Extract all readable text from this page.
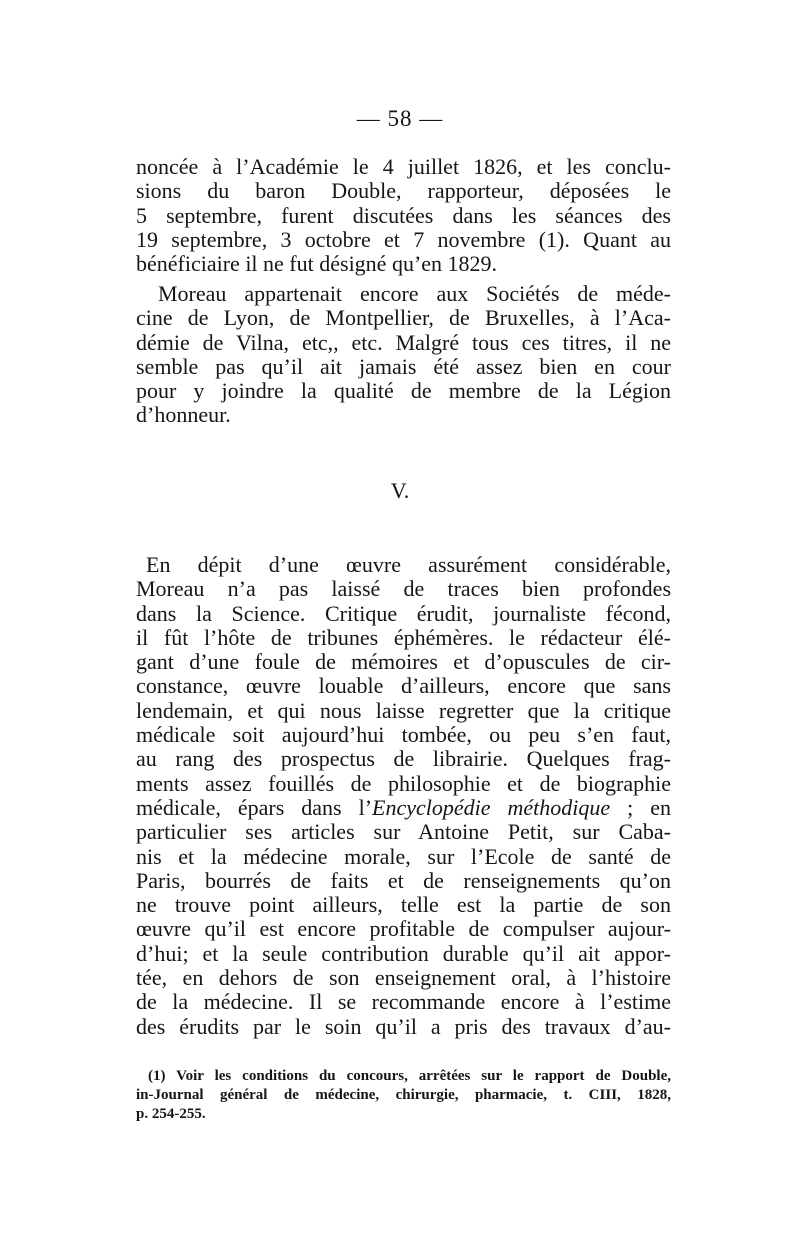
— 58 —
noncée à l’Académie le 4 juillet 1826, et les conclu-
sions du baron Double, rapporteur, déposées le
5 septembre, furent discutées dans les séances des
19 septembre, 3 octobre et 7 novembre (1). Quant au
bénéficiaire il ne fut désigné qu’en 1829.
Moreau appartenait encore aux Sociétés de méde-
cine de Lyon, de Montpellier, de Bruxelles, à l’Aca-
démie de Vilna, etc,, etc. Malgré tous ces titres, il ne
semble pas qu’il ait jamais été assez bien en cour
pour y joindre la qualité de membre de la Légion
d’honneur.
V.
En dépit d’une œuvre assurément considérable,
Moreau n’a pas laissé de traces bien profondes
dans la Science. Critique érudit, journaliste fécond,
il fût l’hôte de tribunes éphémères. le rédacteur élé-
gant d’une foule de mémoires et d’opuscules de cir-
constance, œuvre louable d’ailleurs, encore que sans
lendemain, et qui nous laisse regretter que la critique
médicale soit aujourd’hui tombée, ou peu s’en faut,
au rang des prospectus de librairie. Quelques frag-
ments assez fouillés de philosophie et de biographie
médicale, épars dans l’Encyclopédie méthodique ; en
particulier ses articles sur Antoine Petit, sur Caba-
nis et la médecine morale, sur l’Ecole de santé de
Paris, bourrés de faits et de renseignements qu’on
ne trouve point ailleurs, telle est la partie de son
œuvre qu’il est encore profitable de compulser aujour-
d’hui; et la seule contribution durable qu’il ait appor-
tée, en dehors de son enseignement oral, à l’histoire
de la médecine. Il se recommande encore à l’estime
des érudits par le soin qu’il a pris des travaux d’au-
(1) Voir les conditions du concours, arrêtées sur le rapport de Double,
in-Journal général de médecine, chirurgie, pharmacie, t. CIII, 1828,
p. 254-255.
